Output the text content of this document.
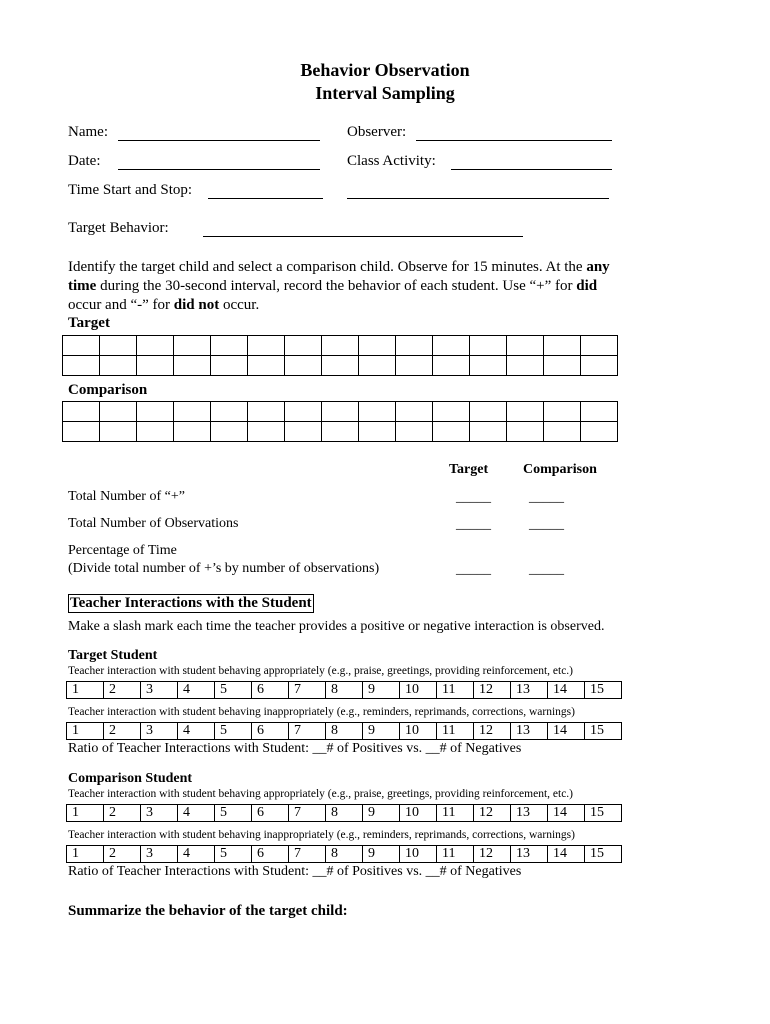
Behavior Observation
Interval Sampling
Name:	Observer:
Date:	Class Activity:
Time Start and Stop:
Target Behavior:
Identify the target child and select a comparison child. Observe for 15 minutes. At the any
time during the 30-second interval, record the behavior of each student. Use “+” for did
occur and “-” for did not occur.
Target

Comparison

Target Comparison
Total Number of “+”	_____	_____
Total Number of Observations	_____	_____
Percentage of Time
(Divide total number of +’s by number of observations)	_____	_____
Teacher Interactions with the Student
Make a slash mark each time the teacher provides a positive or negative interaction is observed.
Target Student
Teacher interaction with student behaving appropriately (e.g., praise, greetings, providing reinforcement, etc.)
1	2	3	4	5	6	7	8	9	10	11	12	13	14	15
Teacher interaction with student behaving inappropriately (e.g., reminders, reprimands, corrections, warnings)
1	2	3	4	5	6	7	8	9	10	11	12	13	14	15
Ratio of Teacher Interactions with Student: __# of Positives vs. __# of Negatives
Comparison Student
Teacher interaction with student behaving appropriately (e.g., praise, greetings, providing reinforcement, etc.)
1	2	3	4	5	6	7	8	9	10	11	12	13	14	15
Teacher interaction with student behaving inappropriately (e.g., reminders, reprimands, corrections, warnings)
1	2	3	4	5	6	7	8	9	10	11	12	13	14	15
Ratio of Teacher Interactions with Student: __# of Positives vs. __# of Negatives
Summarize the behavior of the target child:
